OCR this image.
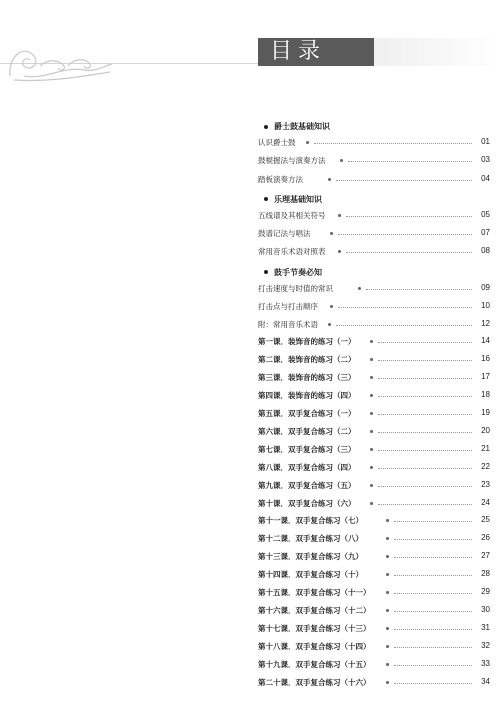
目录
爵士鼓基础知识
认识爵士鼓	01
鼓棍握法与演奏方法	03
踏板演奏方法	04
乐理基础知识
五线谱及其相关符号	05
鼓谱记法与唱法	07
常用音乐术语对照表	08
鼓手节奏必知
打击速度与时值的常识	09
打击点与打击顺序	10
附：常用音乐术语	12
第一课．装饰音的练习（一）	14
第二课．装饰音的练习（二）	16
第三课．装饰音的练习（三）	17
第四课．装饰音的练习（四）	18
第五课．双手复合练习（一）	19
第六课．双手复合练习（二）	20
第七课．双手复合练习（三）	21
第八课．双手复合练习（四）	22
第九课．双手复合练习（五）	23
第十课．双手复合练习（六）	24
第十一课．双手复合练习（七）	25
第十二课．双手复合练习（八）	26
第十三课．双手复合练习（九）	27
第十四课．双手复合练习（十）	28
第十五课．双手复合练习（十一）	29
第十六课．双手复合练习（十二）	30
第十七课．双手复合练习（十三）	31
第十八课．双手复合练习（十四）	32
第十九课．双手复合练习（十五）	33
第二十课．双手复合练习（十六）	34
